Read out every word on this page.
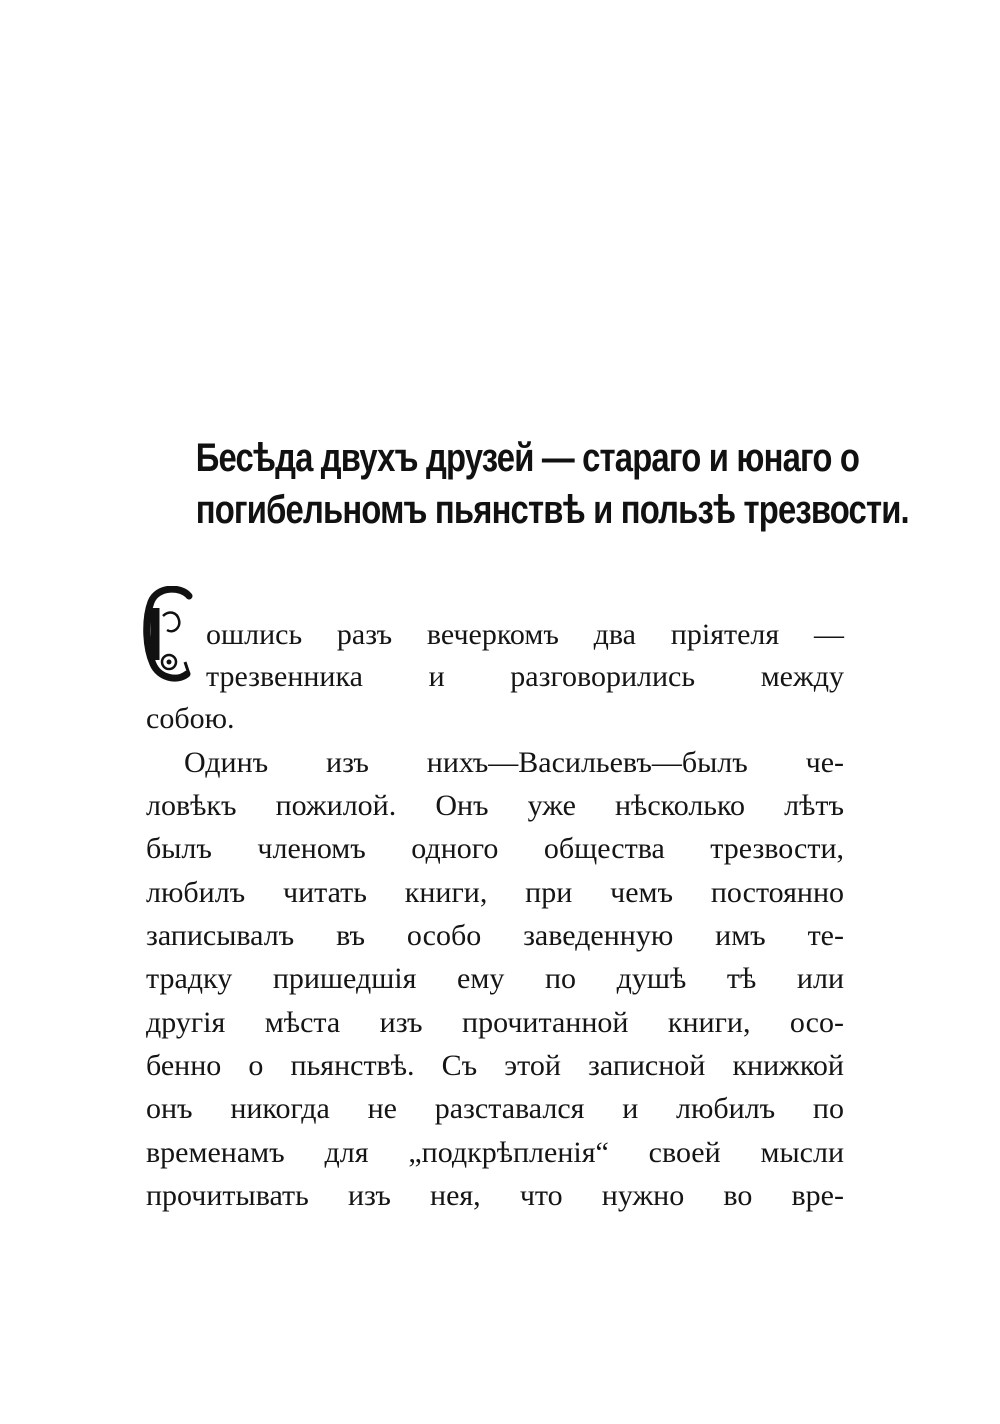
Бесѣда двухъ друзей — стараго и юнаго о
погибельномъ пьянствѣ и пользѣ трезвости.
ошлись разъ вечеркомъ два пріятеля —
трезвенника и разговорились между
собою.
Одинъ изъ нихъ—Васильевъ—былъ че-
ловѣкъ пожилой. Онъ уже нѣсколько лѣтъ
былъ членомъ одного общества трезвости,
любилъ читать книги, при чемъ постоянно
записывалъ въ особо заведенную имъ те-
традку пришедшія ему по душѣ тѣ или
другія мѣста изъ прочитанной книги, осо-
бенно о пьянствѣ. Съ этой записной книжкой
онъ никогда не разставался и любилъ по
временамъ для „подкрѣпленія“ своей мысли
прочитывать изъ нея, что нужно во вре-
